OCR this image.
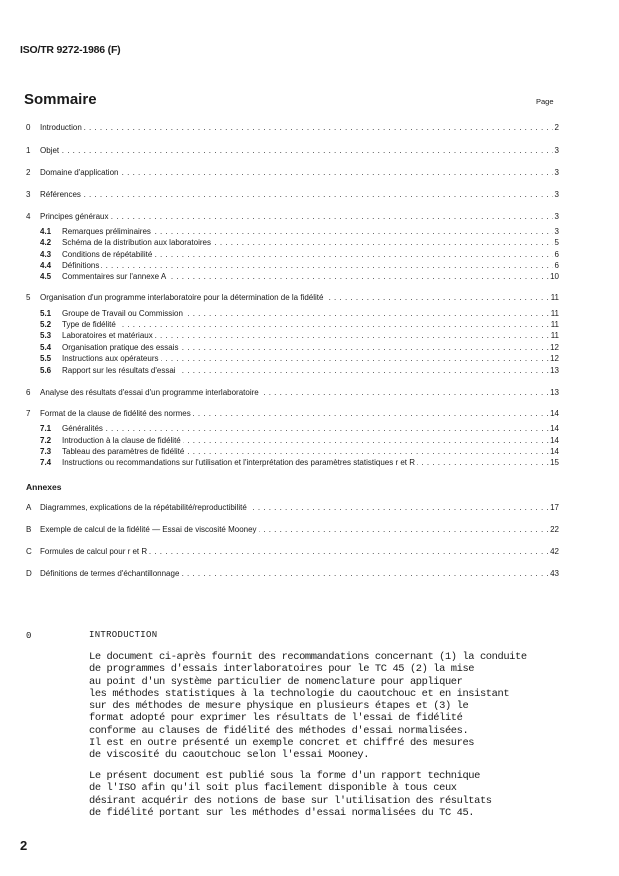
ISO/TR 9272-1986 (F)
Sommaire	Page
0 Introduction . . .	2
1 Objet . . .	3
2 Domaine d'application . . .	3
3 Références . . .	3
4 Principes généraux . . .	3
4.1 Remarques préliminaires . . .	3
4.2 Schéma de la distribution aux laboratoires . . .	5
4.3 Conditions de répétabilité . . .	6
4.4 Définitions . . .	6
4.5 Commentaires sur l'annexe A . . .	10
5 Organisation d'un programme interlaboratoire pour la détermination de la fidélité . . .	11
5.1 Groupe de Travail ou Commission . . .	11
5.2 Type de fidélité . . .	11
5.3 Laboratoires et matériaux . . .	11
5.4 Organisation pratique des essais . . .	12
5.5 Instructions aux opérateurs . . .	12
5.6 Rapport sur les résultats d'essai . . .	13
6 Analyse des résultats d'essai d'un programme interlaboratoire . . .	13
7 Format de la clause de fidélité des normes . . .	14
7.1 Généralités . . .	14
7.2 Introduction à la clause de fidélité . . .	14
7.3 Tableau des paramètres de fidélité . . .	14
7.4 Instructions ou recommandations sur l'utilisation et l'interprétation des paramètres statistiques r et R . . .	15
Annexes
A Diagrammes, explications de la répétabilité/reproductibilité . . .	17
B Exemple de calcul de la fidélité — Essai de viscosité Mooney . . .	22
C Formules de calcul pour r et R . . .	42
D Définitions de termes d'échantillonnage . . .	43
0	INTRODUCTION
Le document ci-après fournit des recommandations concernant (1) la conduite
de programmes d'essais interlaboratoires pour le TC 45 (2) la mise
au point d'un système particulier de nomenclature pour appliquer
les méthodes statistiques à la technologie du caoutchouc et en insistant
sur des méthodes de mesure physique en plusieurs étapes et (3) le
format adopté pour exprimer les résultats de l'essai de fidélité
conforme au clauses de fidélité des méthodes d'essai normalisées.
Il est en outre présenté un exemple concret et chiffré des mesures
de viscosité du caoutchouc selon l'essai Mooney.
Le présent document est publié sous la forme d'un rapport technique
de l'ISO afin qu'il soit plus facilement disponible à tous ceux
désirant acquérir des notions de base sur l'utilisation des résultats
de fidélité portant sur les méthodes d'essai normalisées du TC 45.
2
